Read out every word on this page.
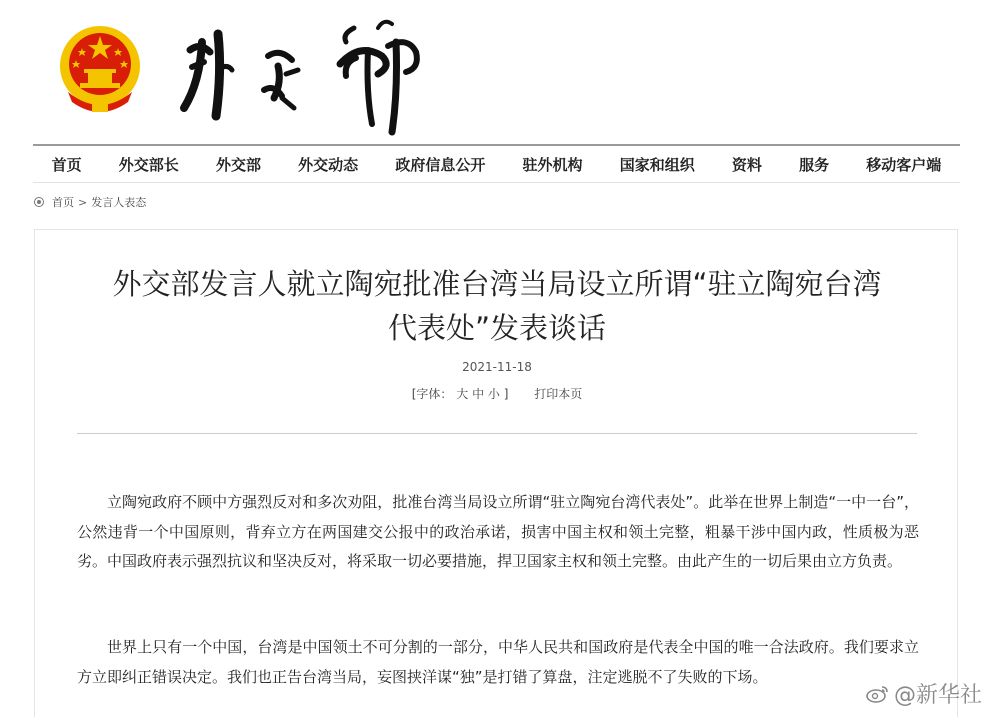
首页 外交部长 外交部 外交动态 政府信息公开 驻外机构 国家和组织 资料 服务 移动客户端
首页 > 发言人表态
外交部发言人就立陶宛批准台湾当局设立所谓“驻立陶宛台湾
代表处”发表谈话
2021-11-18
[字体： 大 中 小 ] 打印本页

立陶宛政府不顾中方强烈反对和多次劝阻，批准台湾当局设立所谓“驻立陶宛台湾代表处”。此举在世界上制造“一中一台”，公然违背一个中国原则，背弃立方在两国建交公报中的政治承诺，损害中国主权和领土完整，粗暴干涉中国内政，性质极为恶劣。中国政府表示强烈抗议和坚决反对，将采取一切必要措施，捍卫国家主权和领土完整。由此产生的一切后果由立方负责。

世界上只有一个中国，台湾是中国领土不可分割的一部分，中华人民共和国政府是代表全中国的唯一合法政府。我们要求立方立即纠正错误决定。我们也正告台湾当局，妄图挟洋谋“独”是打错了算盘，注定逃脱不了失败的下场。

@新华社
